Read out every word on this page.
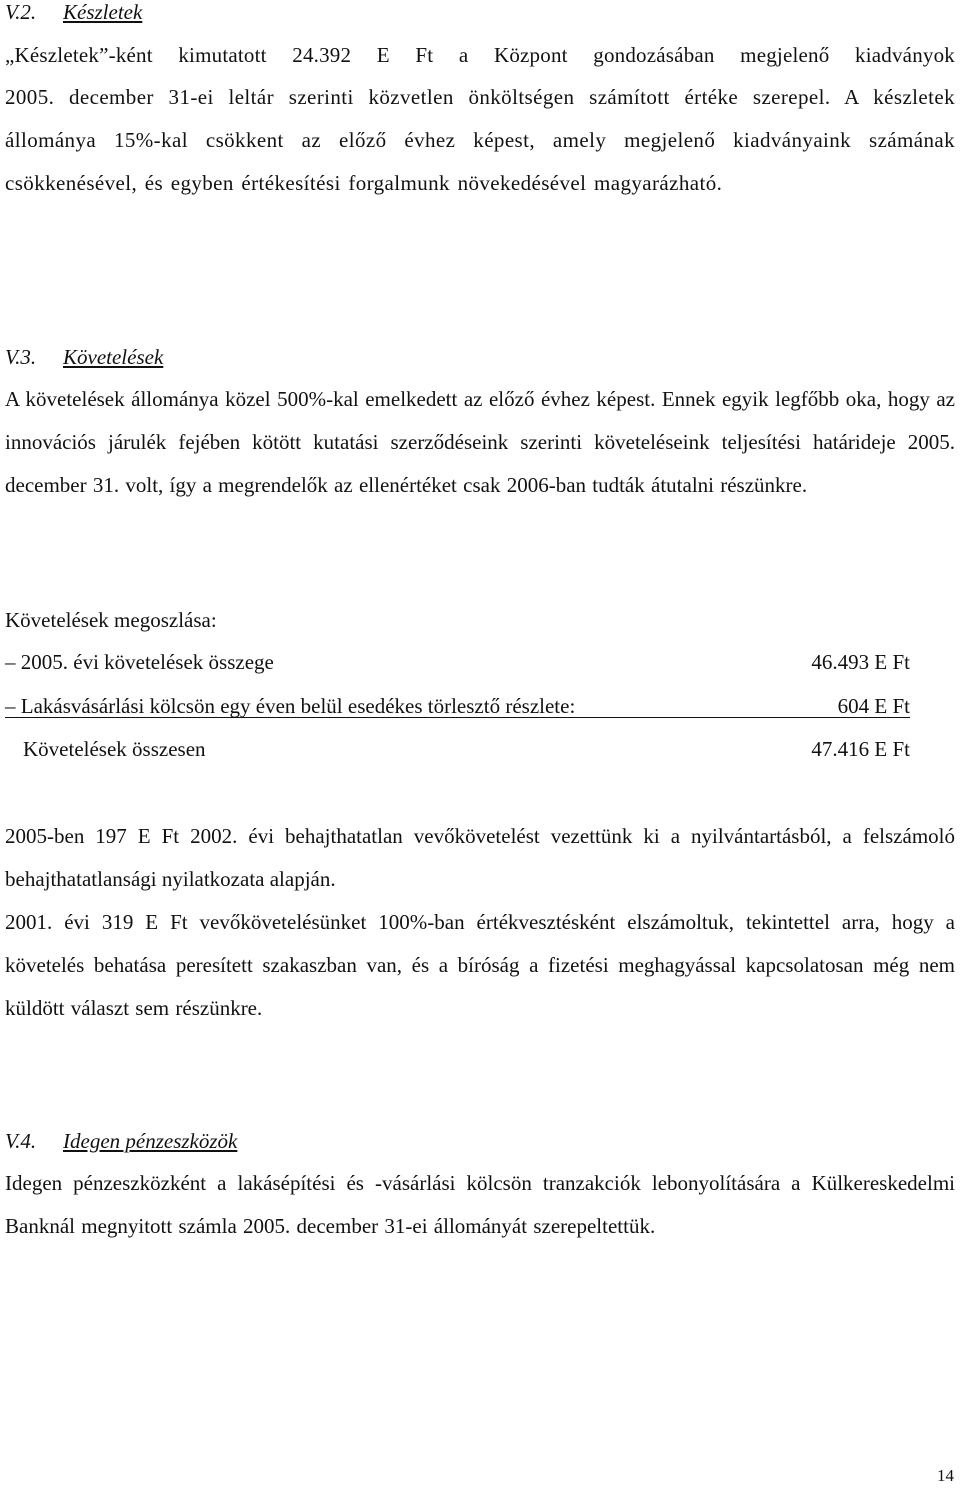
V.2. Készletek
„Készletek”-ként kimutatott 24.392 E Ft a Központ gondozásában megjelenő kiadványok

2005. december 31-ei leltár szerinti közvetlen önköltségen számított értéke szerepel. A készletek állománya 15%-kal csökkent az előző évhez képest, amely megjelenő kiadványaink számának csökkenésével, és egyben értékesítési forgalmunk növekedésével magyarázható.

V.3. Követelések

A követelések állománya közel 500%-kal emelkedett az előző évhez képest. Ennek egyik legfőbb oka, hogy az innovációs járulék fejében kötött kutatási szerződéseink szerinti követeléseink teljesítési határideje 2005. december 31. volt, így a megrendelők az ellenértéket csak 2006-ban tudták átutalni részünkre.

Követelések megoszlása:
– 2005. évi követelések összege	46.493 E Ft
– Lakásvásárlási kölcsön egy éven belül esedékes törlesztő részlete:	604 E Ft
Követelések összesen	47.416 E Ft

2005-ben 197 E Ft 2002. évi behajthatatlan vevőkövetelést vezettünk ki a nyilvántartásból, a felszámoló behajthatatlansági nyilatkozata alapján.

2001. évi 319 E Ft vevőkövetelésünket 100%-ban értékvesztésként elszámoltuk, tekintettel arra, hogy a követelés behatása peresített szakaszban van, és a bíróság a fizetési meghagyással kapcsolatosan még nem küldött választ sem részünkre.

V.4. Idegen pénzeszközök

Idegen pénzeszközként a lakásépítési és -vásárlási kölcsön tranzakciók lebonyolítására a Külkereskedelmi Banknál megnyitott számla 2005. december 31-ei állományát szerepeltettük.

14
